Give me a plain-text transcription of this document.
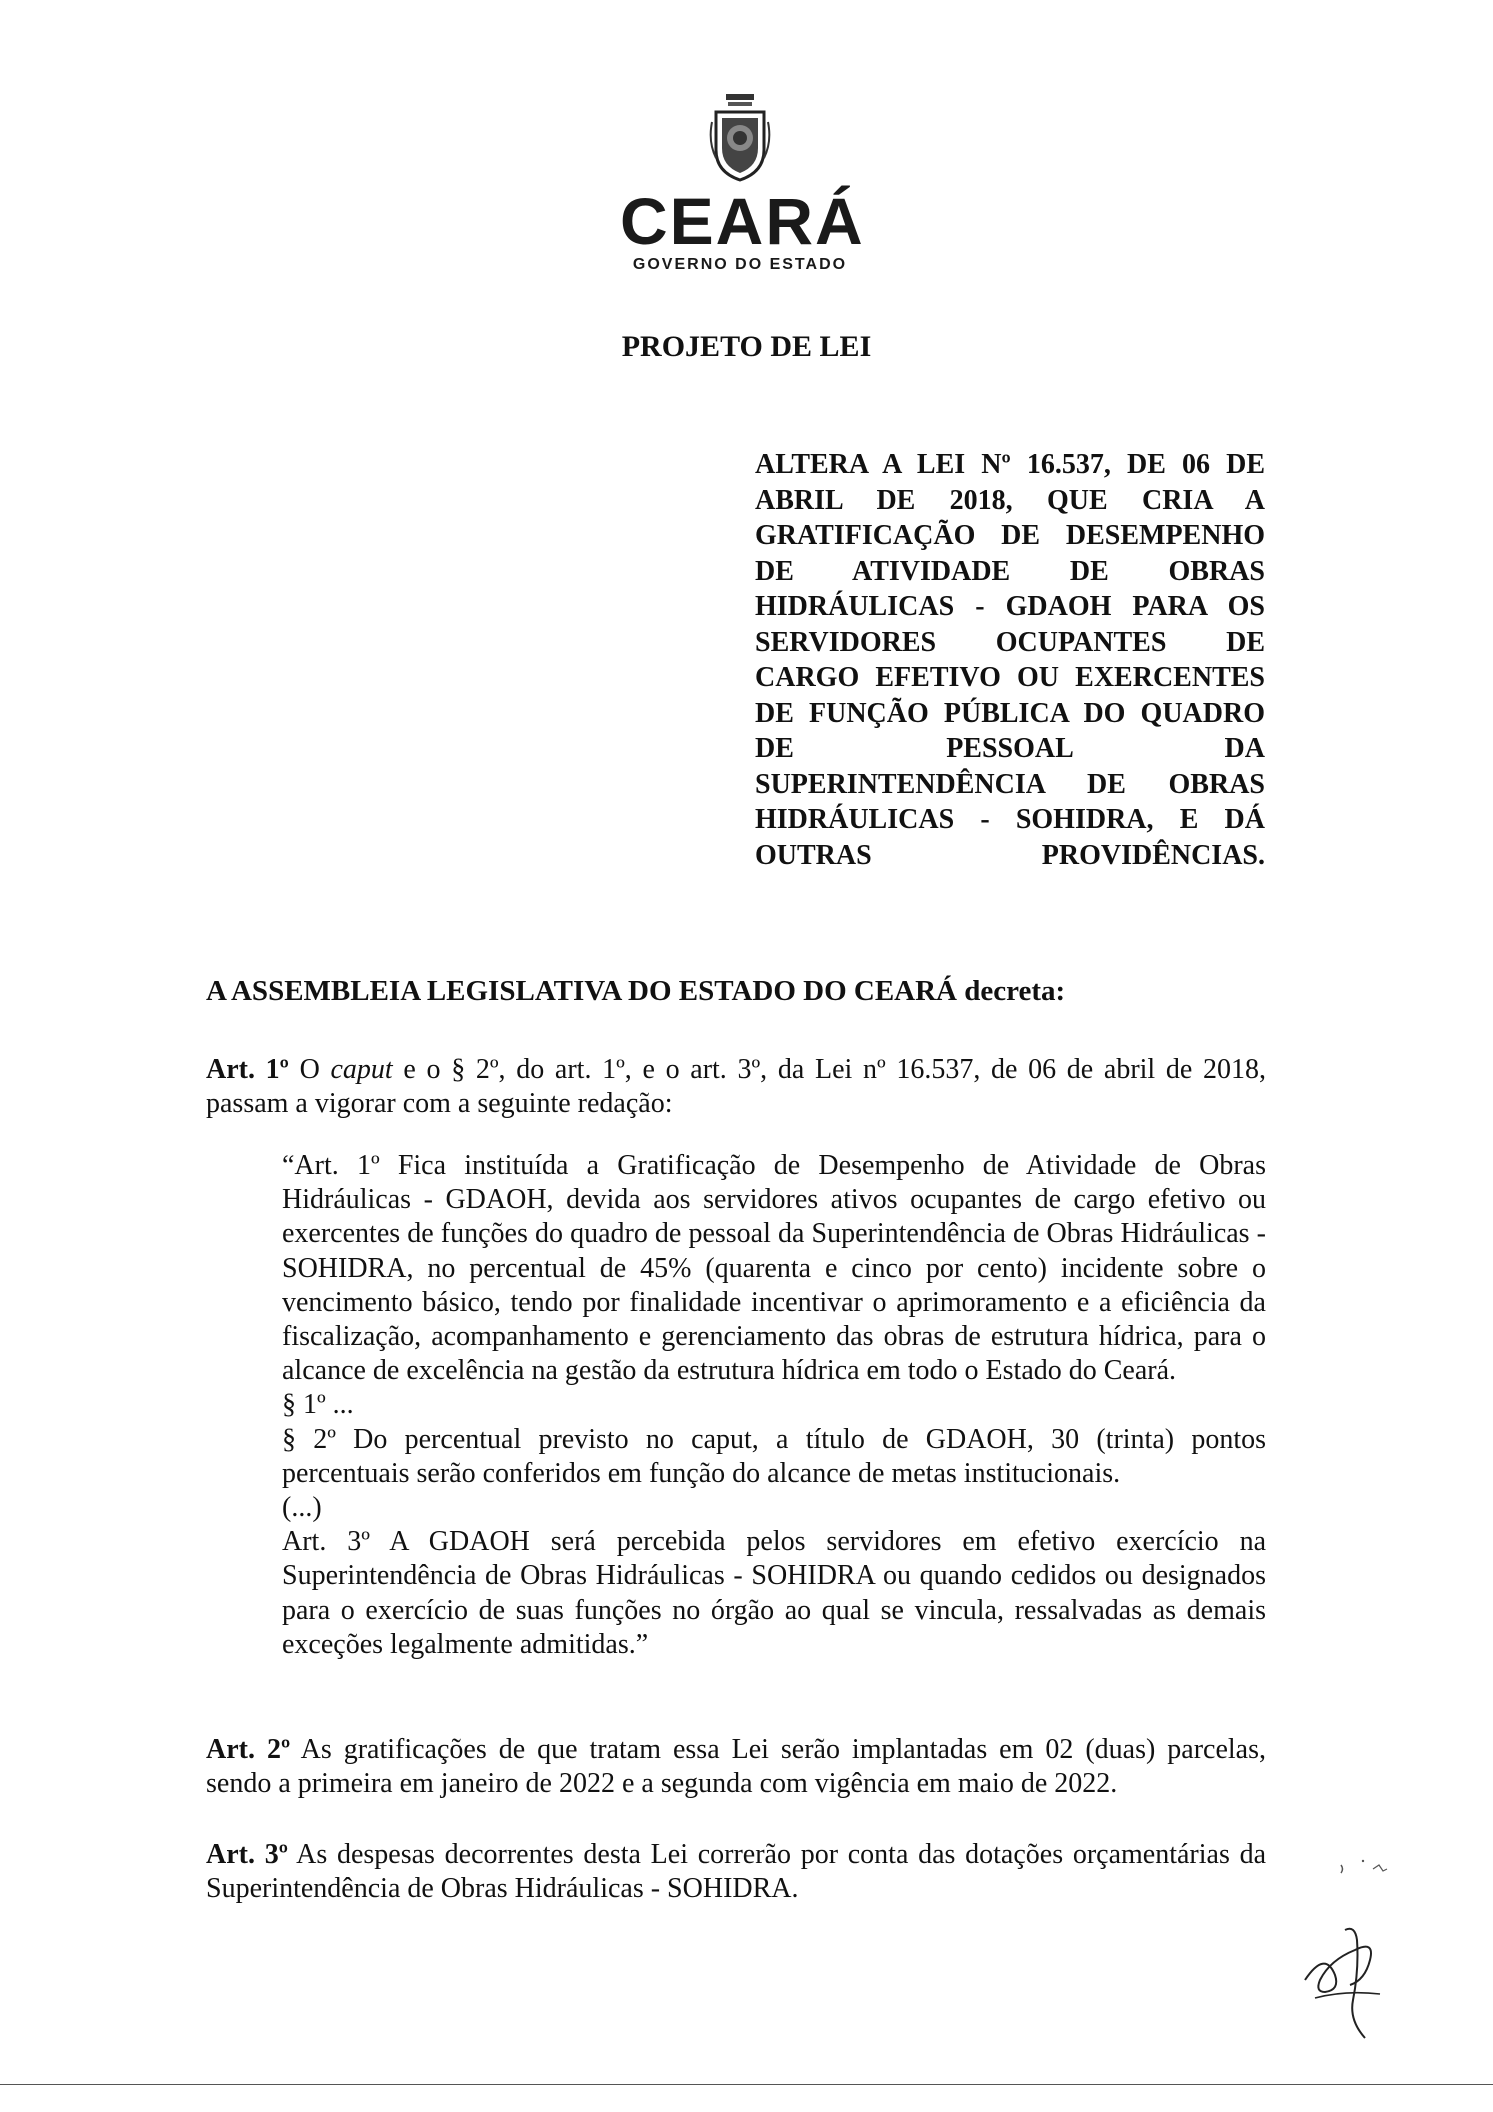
CEARÁ
GOVERNO DO ESTADO
PROJETO DE LEI
ALTERA A LEI Nº 16.537, DE 06 DE ABRIL DE 2018, QUE CRIA A GRATIFICAÇÃO DE DESEMPENHO DE ATIVIDADE DE OBRAS HIDRÁULICAS - GDAOH PARA OS SERVIDORES OCUPANTES DE CARGO EFETIVO OU EXERCENTES DE FUNÇÃO PÚBLICA DO QUADRO DE PESSOAL DA SUPERINTENDÊNCIA DE OBRAS HIDRÁULICAS - SOHIDRA, E DÁ OUTRAS PROVIDÊNCIAS.
A ASSEMBLEIA LEGISLATIVA DO ESTADO DO CEARÁ decreta:
Art. 1º O caput e o § 2º, do art. 1º, e o art. 3º, da Lei nº 16.537, de 06 de abril de 2018, passam a vigorar com a seguinte redação:

“Art. 1º Fica instituída a Gratificação de Desempenho de Atividade de Obras Hidráulicas - GDAOH, devida aos servidores ativos ocupantes de cargo efetivo ou exercentes de funções do quadro de pessoal da Superintendência de Obras Hidráulicas - SOHIDRA, no percentual de 45% (quarenta e cinco por cento) incidente sobre o vencimento básico, tendo por finalidade incentivar o aprimoramento e a eficiência da fiscalização, acompanhamento e gerenciamento das obras de estrutura hídrica, para o alcance de excelência na gestão da estrutura hídrica em todo o Estado do Ceará.

§ 1º ...

§ 2º Do percentual previsto no caput, a título de GDAOH, 30 (trinta) pontos percentuais serão conferidos em função do alcance de metas institucionais.

(...)

Art. 3º A GDAOH será percebida pelos servidores em efetivo exercício na Superintendência de Obras Hidráulicas - SOHIDRA ou quando cedidos ou designados para o exercício de suas funções no órgão ao qual se vincula, ressalvadas as demais exceções legalmente admitidas.”

Art. 2º As gratificações de que tratam essa Lei serão implantadas em 02 (duas) parcelas, sendo a primeira em janeiro de 2022 e a segunda com vigência em maio de 2022.
Art. 3º As despesas decorrentes desta Lei correrão por conta das dotações orçamentárias da Superintendência de Obras Hidráulicas - SOHIDRA.
